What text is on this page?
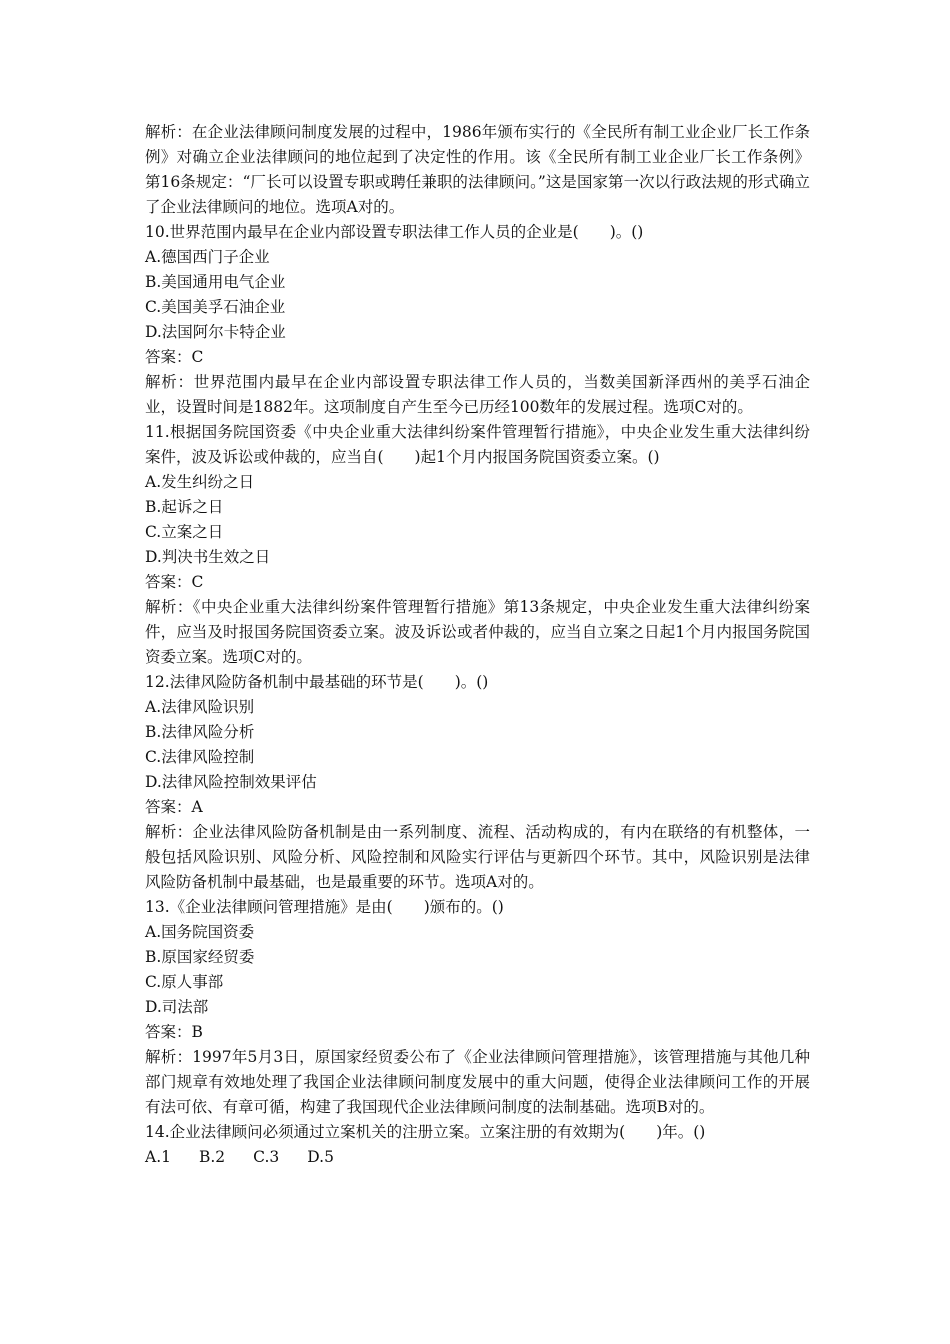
解析：在企业法律顾问制度发展的过程中，1986年颁布实行的《全民所有制工业企业厂长工作条例》对确立企业法律顾问的地位起到了决定性的作用。该《全民所有制工业企业厂长工作条例》第16条规定：“厂长可以设置专职或聘任兼职的法律顾问。”这是国家第一次以行政法规的形式确立了企业法律顾问的地位。选项A对的。

10.世界范围内最早在企业内部设置专职法律工作人员的企业是(　　)。()

A.德国西门子企业

B.美国通用电气企业

C.美国美孚石油企业

D.法国阿尔卡特企业

答案：C

解析：世界范围内最早在企业内部设置专职法律工作人员的，当数美国新泽西州的美孚石油企业，设置时间是1882年。这项制度自产生至今已历经100数年的发展过程。选项C对的。

11.根据国务院国资委《中央企业重大法律纠纷案件管理暂行措施》，中央企业发生重大法律纠纷案件，波及诉讼或仲裁的，应当自(　　)起1个月内报国务院国资委立案。()

A.发生纠纷之日

B.起诉之日

C.立案之日

D.判决书生效之日

答案：C

解析：《中央企业重大法律纠纷案件管理暂行措施》第13条规定，中央企业发生重大法律纠纷案件，应当及时报国务院国资委立案。波及诉讼或者仲裁的，应当自立案之日起1个月内报国务院国资委立案。选项C对的。

12.法律风险防备机制中最基础的环节是(　　)。()

A.法律风险识别

B.法律风险分析

C.法律风险控制

D.法律风险控制效果评估

答案：A

解析：企业法律风险防备机制是由一系列制度、流程、活动构成的，有内在联络的有机整体，一般包括风险识别、风险分析、风险控制和风险实行评估与更新四个环节。其中，风险识别是法律风险防备机制中最基础，也是最重要的环节。选项A对的。

13.《企业法律顾问管理措施》是由(　　)颁布的。()

A.国务院国资委

B.原国家经贸委

C.原人事部

D.司法部

答案：B

解析：1997年5月3日，原国家经贸委公布了《企业法律顾问管理措施》，该管理措施与其他几种部门规章有效地处理了我国企业法律顾问制度发展中的重大问题，使得企业法律顾问工作的开展有法可依、有章可循，构建了我国现代企业法律顾问制度的法制基础。选项B对的。

14.企业法律顾问必须通过立案机关的注册立案。立案注册的有效期为(　　)年。()

A.1 B.2 C.3 D.5
